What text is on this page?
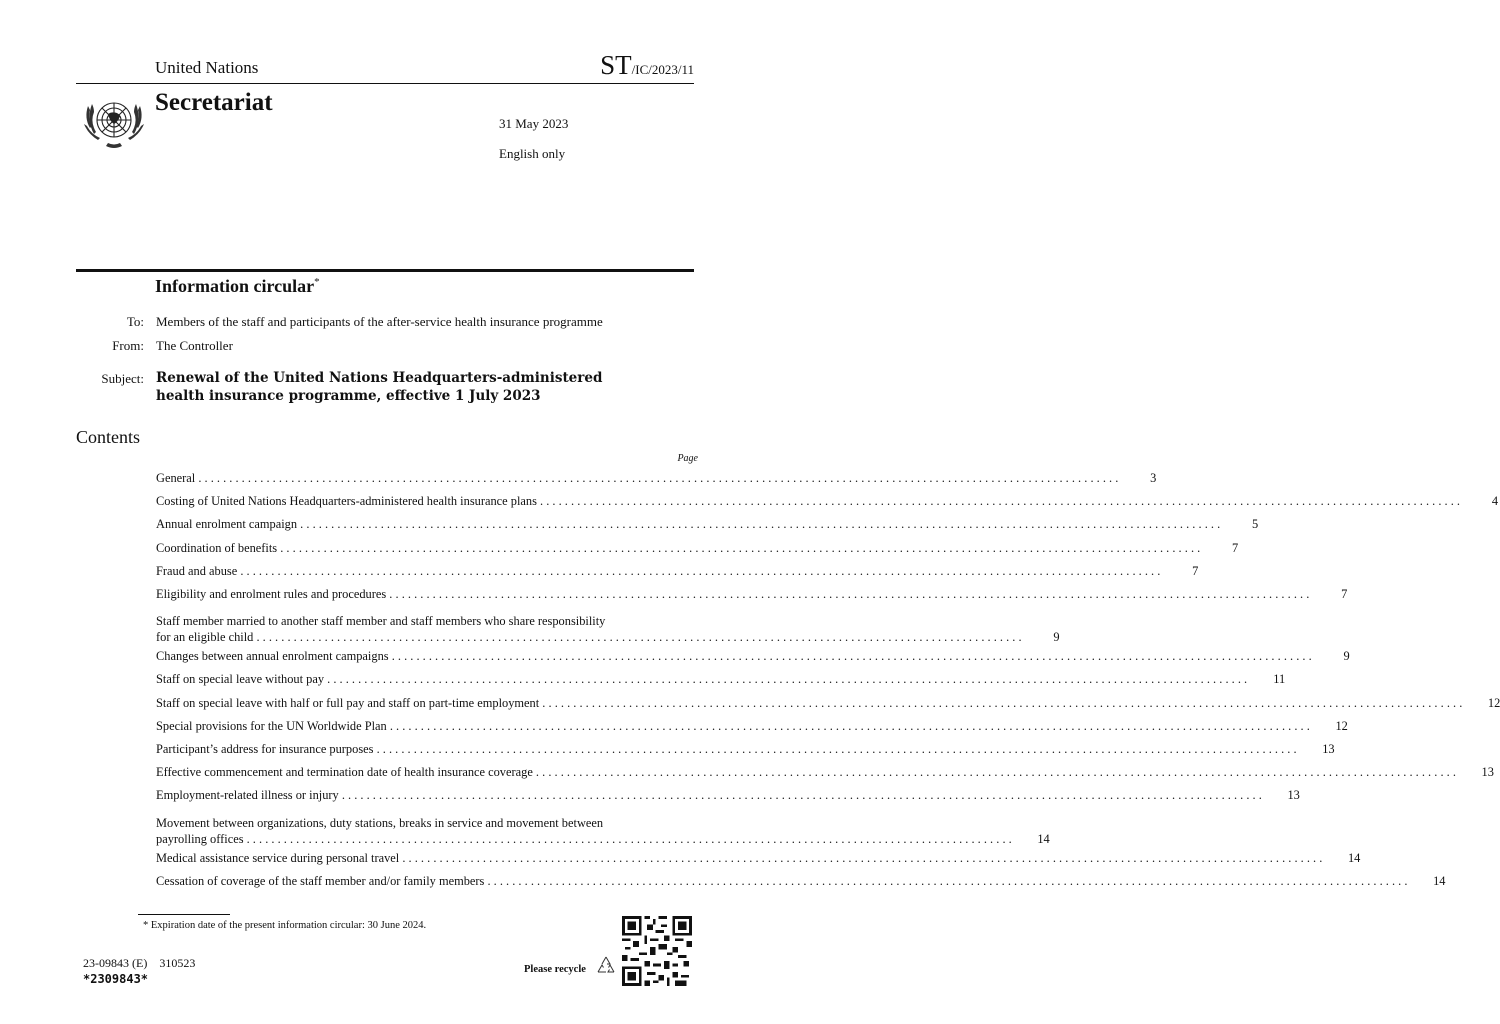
United Nations	ST/IC/2023/11
Secretariat
31 May 2023
English only
Information circular*
To: Members of the staff and participants of the after-service health insurance programme
From: The Controller
Subject: Renewal of the United Nations Headquarters-administered health insurance programme, effective 1 July 2023
Contents
Page
General . . .	3
Costing of United Nations Headquarters-administered health insurance plans . . .	4
Annual enrolment campaign . . .	5
Coordination of benefits . . .	7
Fraud and abuse . . .	7
Eligibility and enrolment rules and procedures . . .	7
Staff member married to another staff member and staff members who share responsibility
for an eligible child . . .	9
Changes between annual enrolment campaigns . . .	9
Staff on special leave without pay . . .	11
Staff on special leave with half or full pay and staff on part-time employment . . .	12
Special provisions for the UN Worldwide Plan . . .	12
Participant’s address for insurance purposes . . .	13
Effective commencement and termination date of health insurance coverage . . .	13
Employment-related illness or injury . . .	13
Movement between organizations, duty stations, breaks in service and movement between
payrolling offices . . .	14
Medical assistance service during personal travel . . .	14
Cessation of coverage of the staff member and/or family members . . .	14
* Expiration date of the present information circular: 30 June 2024.
23-09843 (E)    310523
*2309843*
Please recycle
